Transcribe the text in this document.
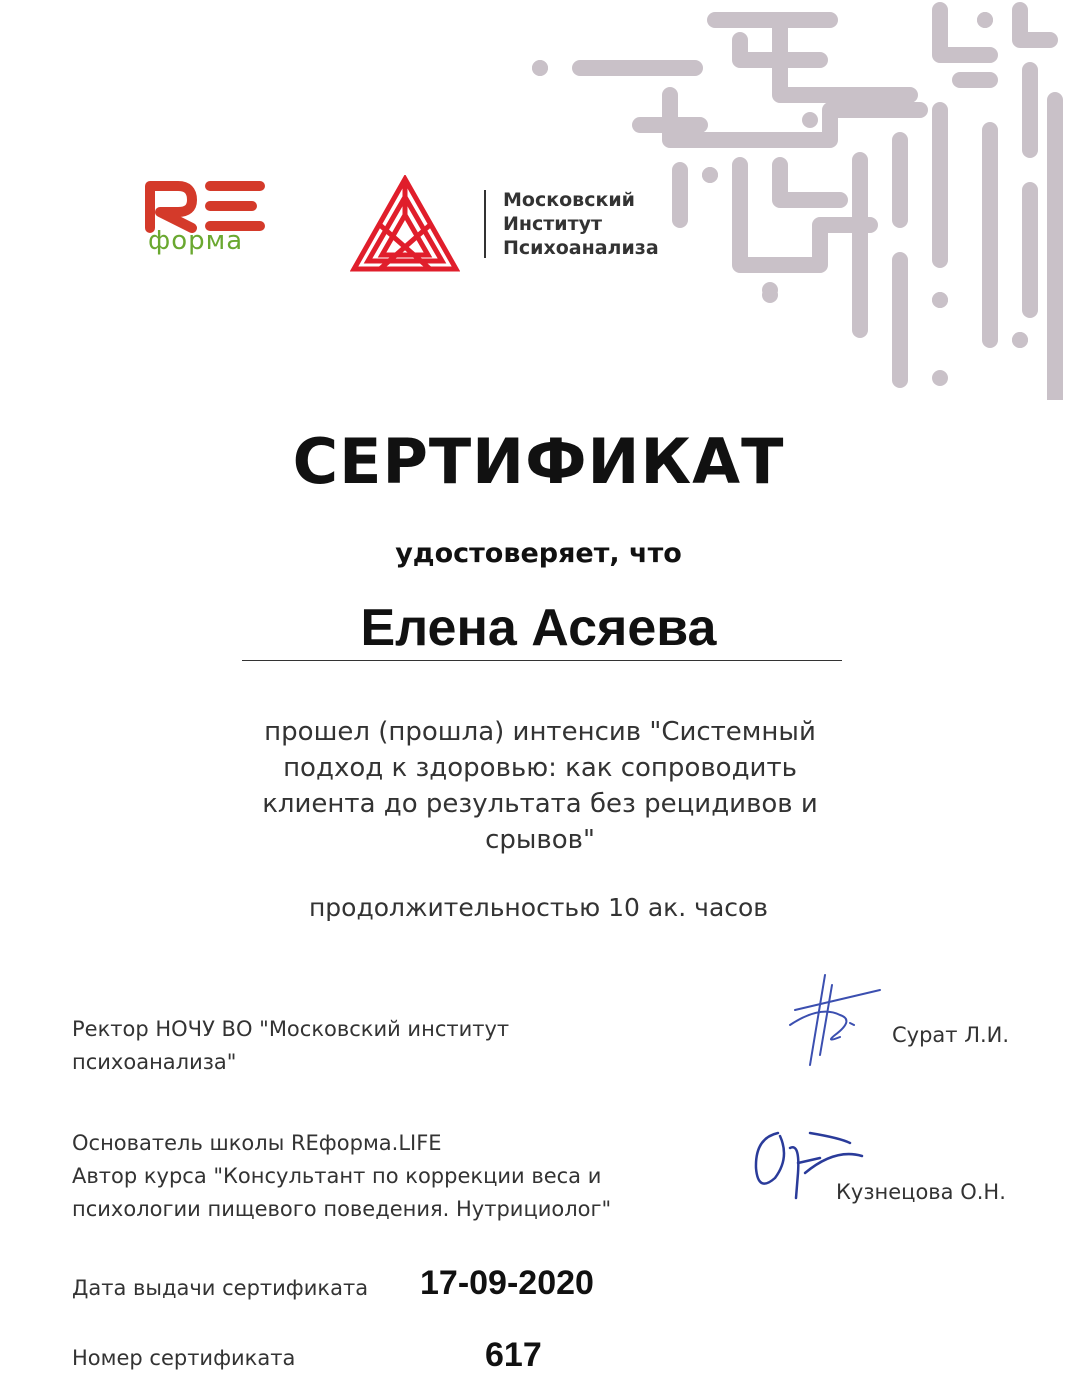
форма
Московский
Институт
Психоанализа
СЕРТИФИКАТ
удостоверяет, что
Елена Асяева
прошел (прошла) интенсив "Системный
подход к здоровью: как сопроводить
клиента до результата без рецидивов и
срывов"
продолжительностью 10 ак. часов
Ректор НОЧУ ВО "Московский институт
психоанализа"
Сурат Л.И.
Основатель школы REформа.LIFE
Автор курса "Консультант по коррекции веса и
психологии пищевого поведения. Нутрициолог"
Кузнецова О.Н.
Дата выдачи сертификата 17-09-2020
Номер сертификата	617
